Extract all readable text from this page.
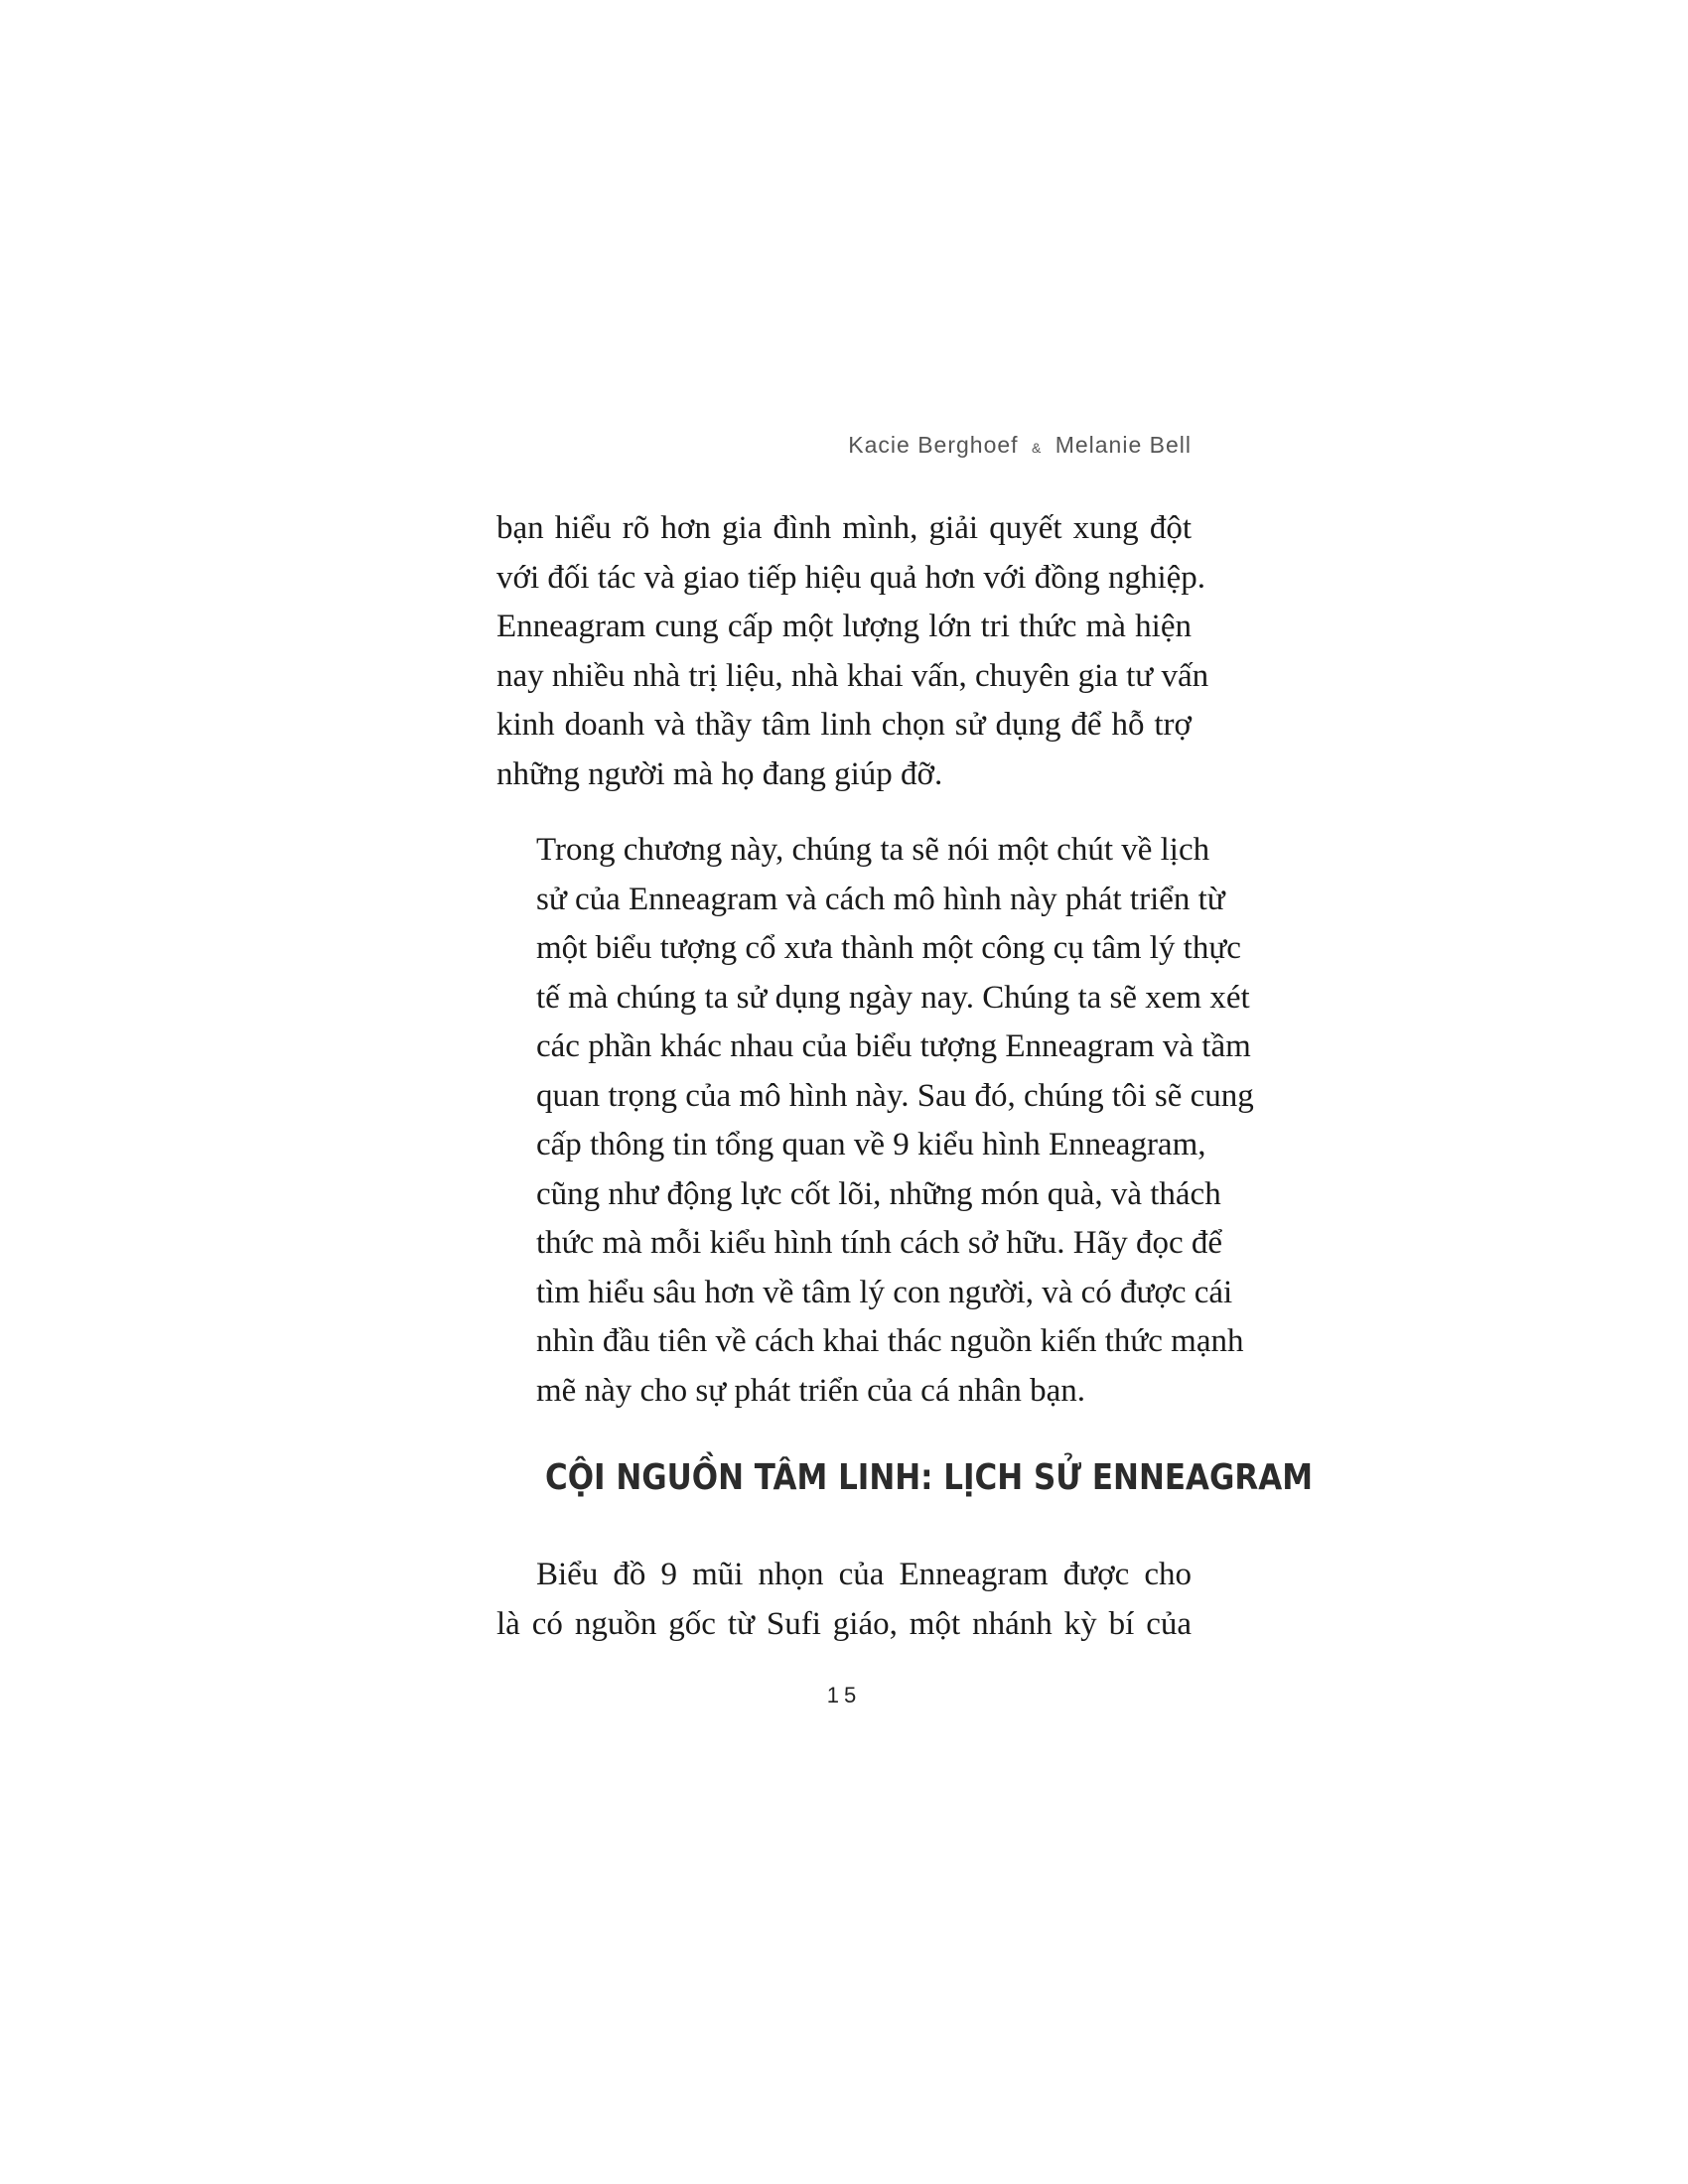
Kacie Berghoef & Melanie Bell

bạn hiểu rõ hơn gia đình mình, giải quyết xung đột
với đối tác và giao tiếp hiệu quả hơn với đồng nghiệp.
Enneagram cung cấp một lượng lớn tri thức mà hiện
nay nhiều nhà trị liệu, nhà khai vấn, chuyên gia tư vấn
kinh doanh và thầy tâm linh chọn sử dụng để hỗ trợ
những người mà họ đang giúp đỡ.

Trong chương này, chúng ta sẽ nói một chút về lịch
sử của Enneagram và cách mô hình này phát triển từ
một biểu tượng cổ xưa thành một công cụ tâm lý thực
tế mà chúng ta sử dụng ngày nay. Chúng ta sẽ xem xét
các phần khác nhau của biểu tượng Enneagram và tầm
quan trọng của mô hình này. Sau đó, chúng tôi sẽ cung
cấp thông tin tổng quan về 9 kiểu hình Enneagram,
cũng như động lực cốt lõi, những món quà, và thách
thức mà mỗi kiểu hình tính cách sở hữu. Hãy đọc để
tìm hiểu sâu hơn về tâm lý con người, và có được cái
nhìn đầu tiên về cách khai thác nguồn kiến thức mạnh
mẽ này cho sự phát triển của cá nhân bạn.

CỘI NGUỒN TÂM LINH: LỊCH SỬ ENNEAGRAM

Biểu đồ 9 mũi nhọn của Enneagram được cho
là có nguồn gốc từ Sufi giáo, một nhánh kỳ bí của

15
